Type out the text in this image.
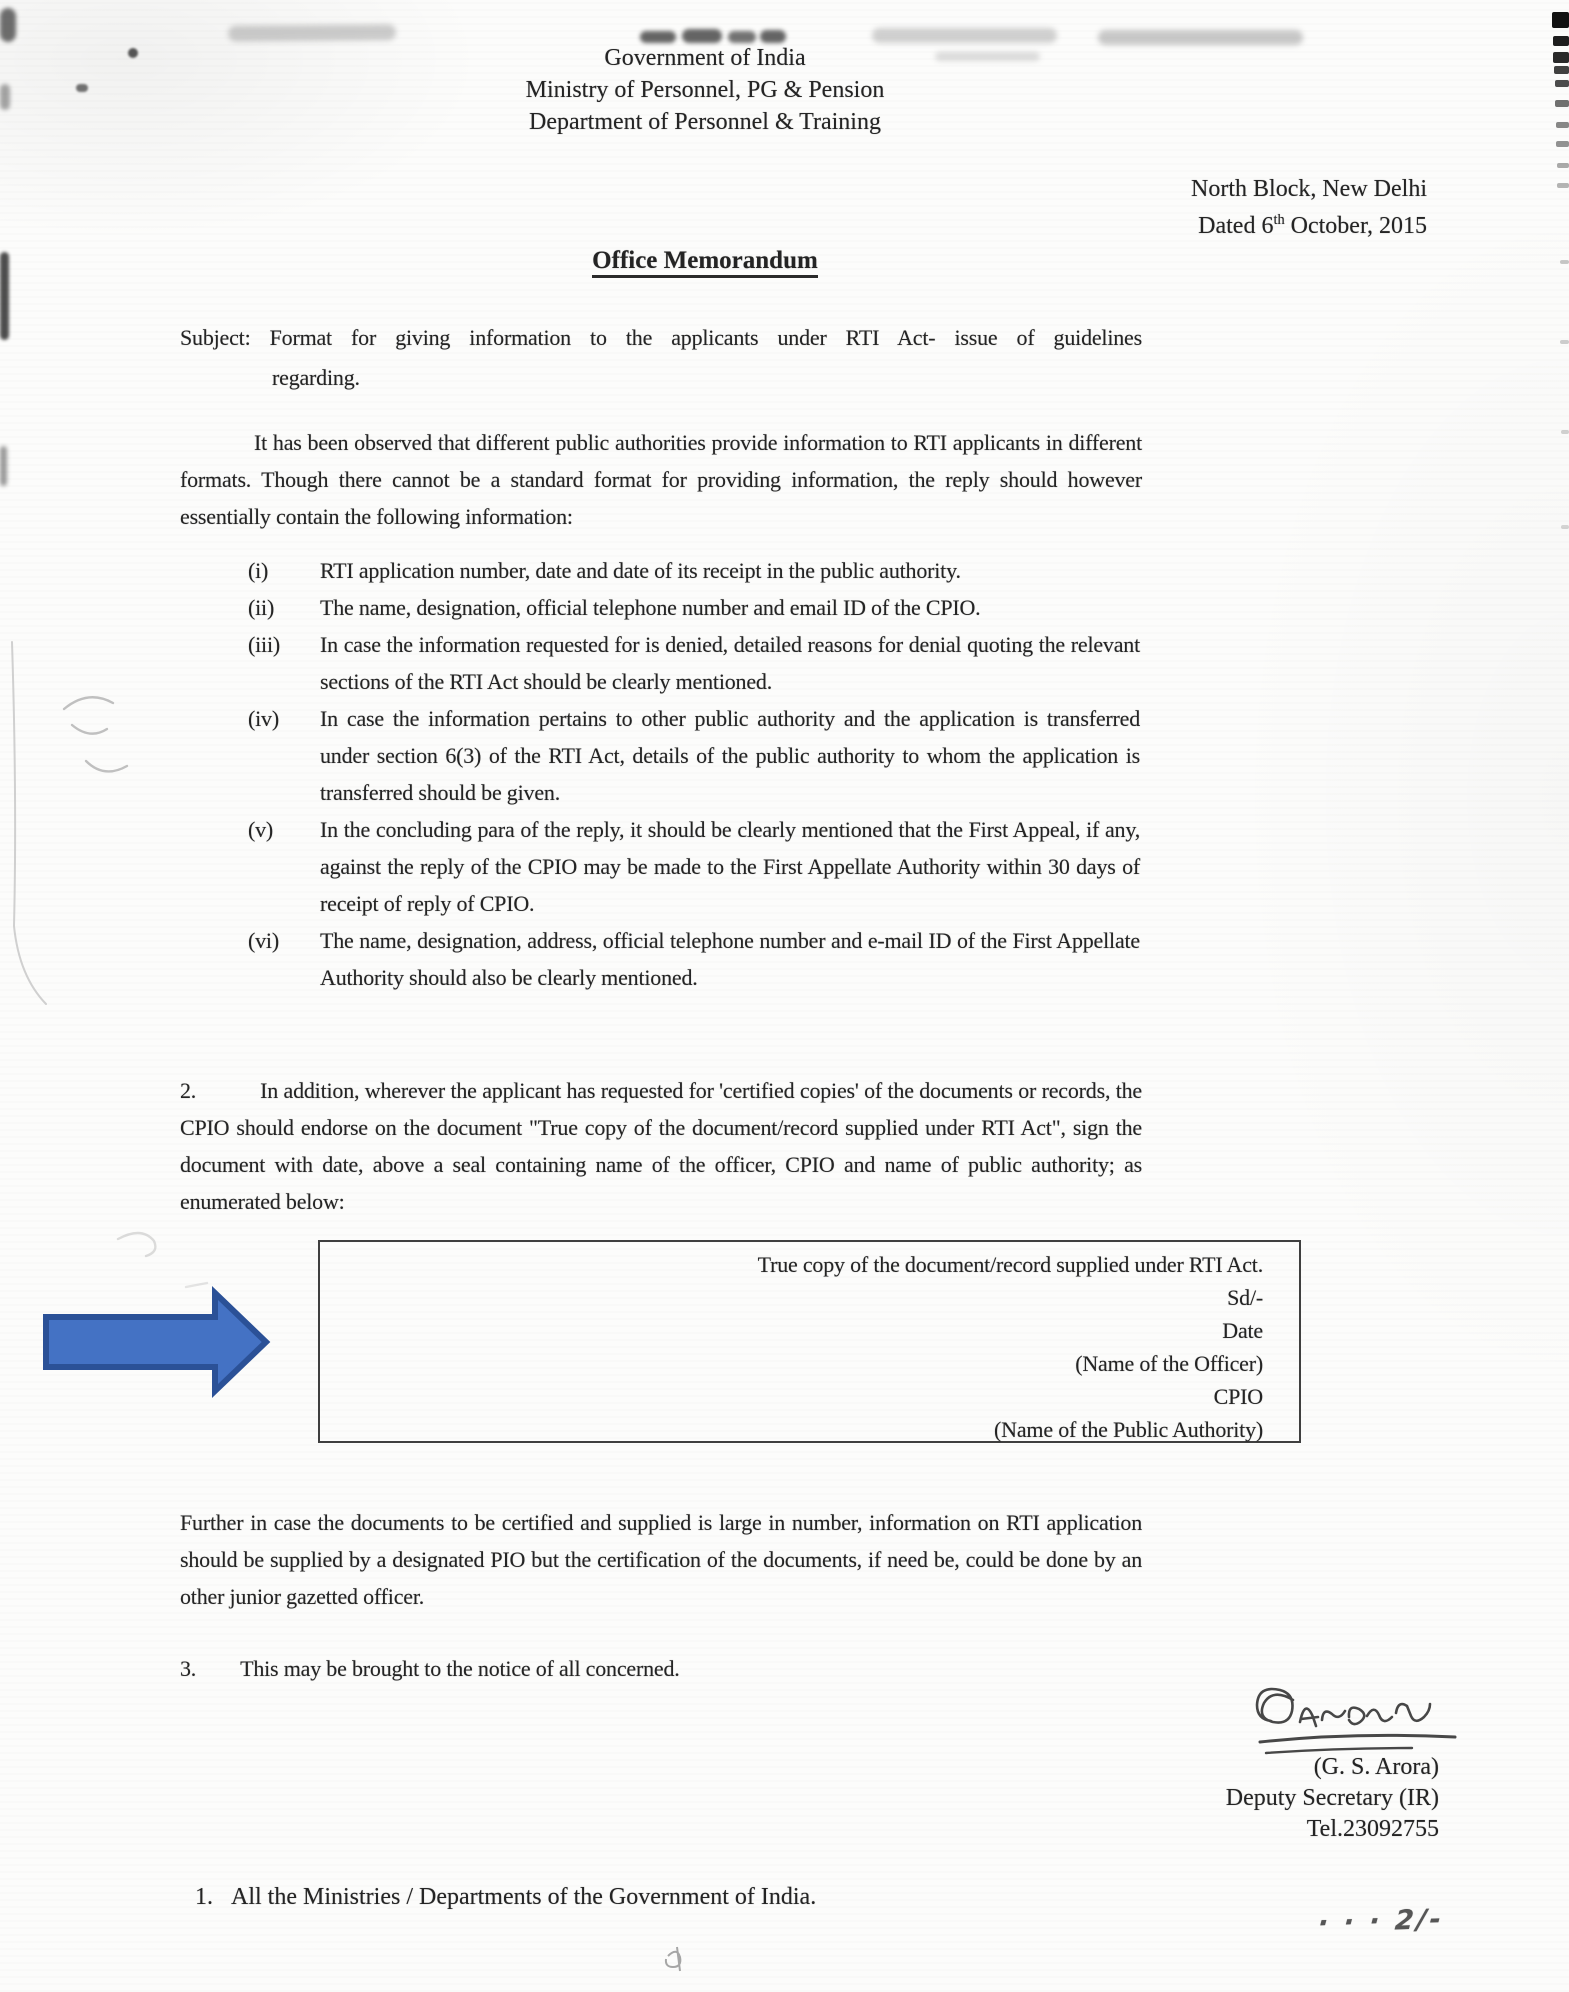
Government of India
Ministry of Personnel, PG & Pension
Department of Personnel & Training
North Block, New Delhi
Dated 6th October, 2015
Office Memorandum
Subject: Format for giving information to the applicants under RTI Act- issue of guidelines
regarding.
It has been observed that different public authorities provide information to RTI applicants in different formats. Though there cannot be a standard format for providing information, the reply should however essentially contain the following information:
(i)	RTI application number, date and date of its receipt in the public authority.
(ii)	The name, designation, official telephone number and email ID of the CPIO.
(iii)	In case the information requested for is denied, detailed reasons for denial quoting the relevant sections of the RTI Act should be clearly mentioned.
(iv)	In case the information pertains to other public authority and the application is transferred under section 6(3) of the RTI Act, details of the public authority to whom the application is transferred should be given.
(v)	In the concluding para of the reply, it should be clearly mentioned that the First Appeal, if any, against the reply of the CPIO may be made to the First Appellate Authority within 30 days of receipt of reply of CPIO.
(vi)	The name, designation, address, official telephone number and e-mail ID of the First Appellate Authority should also be clearly mentioned.
2.	In addition, wherever the applicant has requested for 'certified copies' of the documents or records, the CPIO should endorse on the document "True copy of the document/record supplied under RTI Act", sign the document with date, above a seal containing name of the officer, CPIO and name of public authority; as enumerated below:
True copy of the document/record supplied under RTI Act.
Sd/-
Date
(Name of the Officer)
CPIO
(Name of the Public Authority)
Further in case the documents to be certified and supplied is large in number, information on RTI application should be supplied by a designated PIO but the certification of the documents, if need be, could be done by an other junior gazetted officer.
3. This may be brought to the notice of all concerned.
(G. S. Arora)
Deputy Secretary (IR)
Tel.23092755
1. All the Ministries / Departments of the Government of India.
· · · 2/-
